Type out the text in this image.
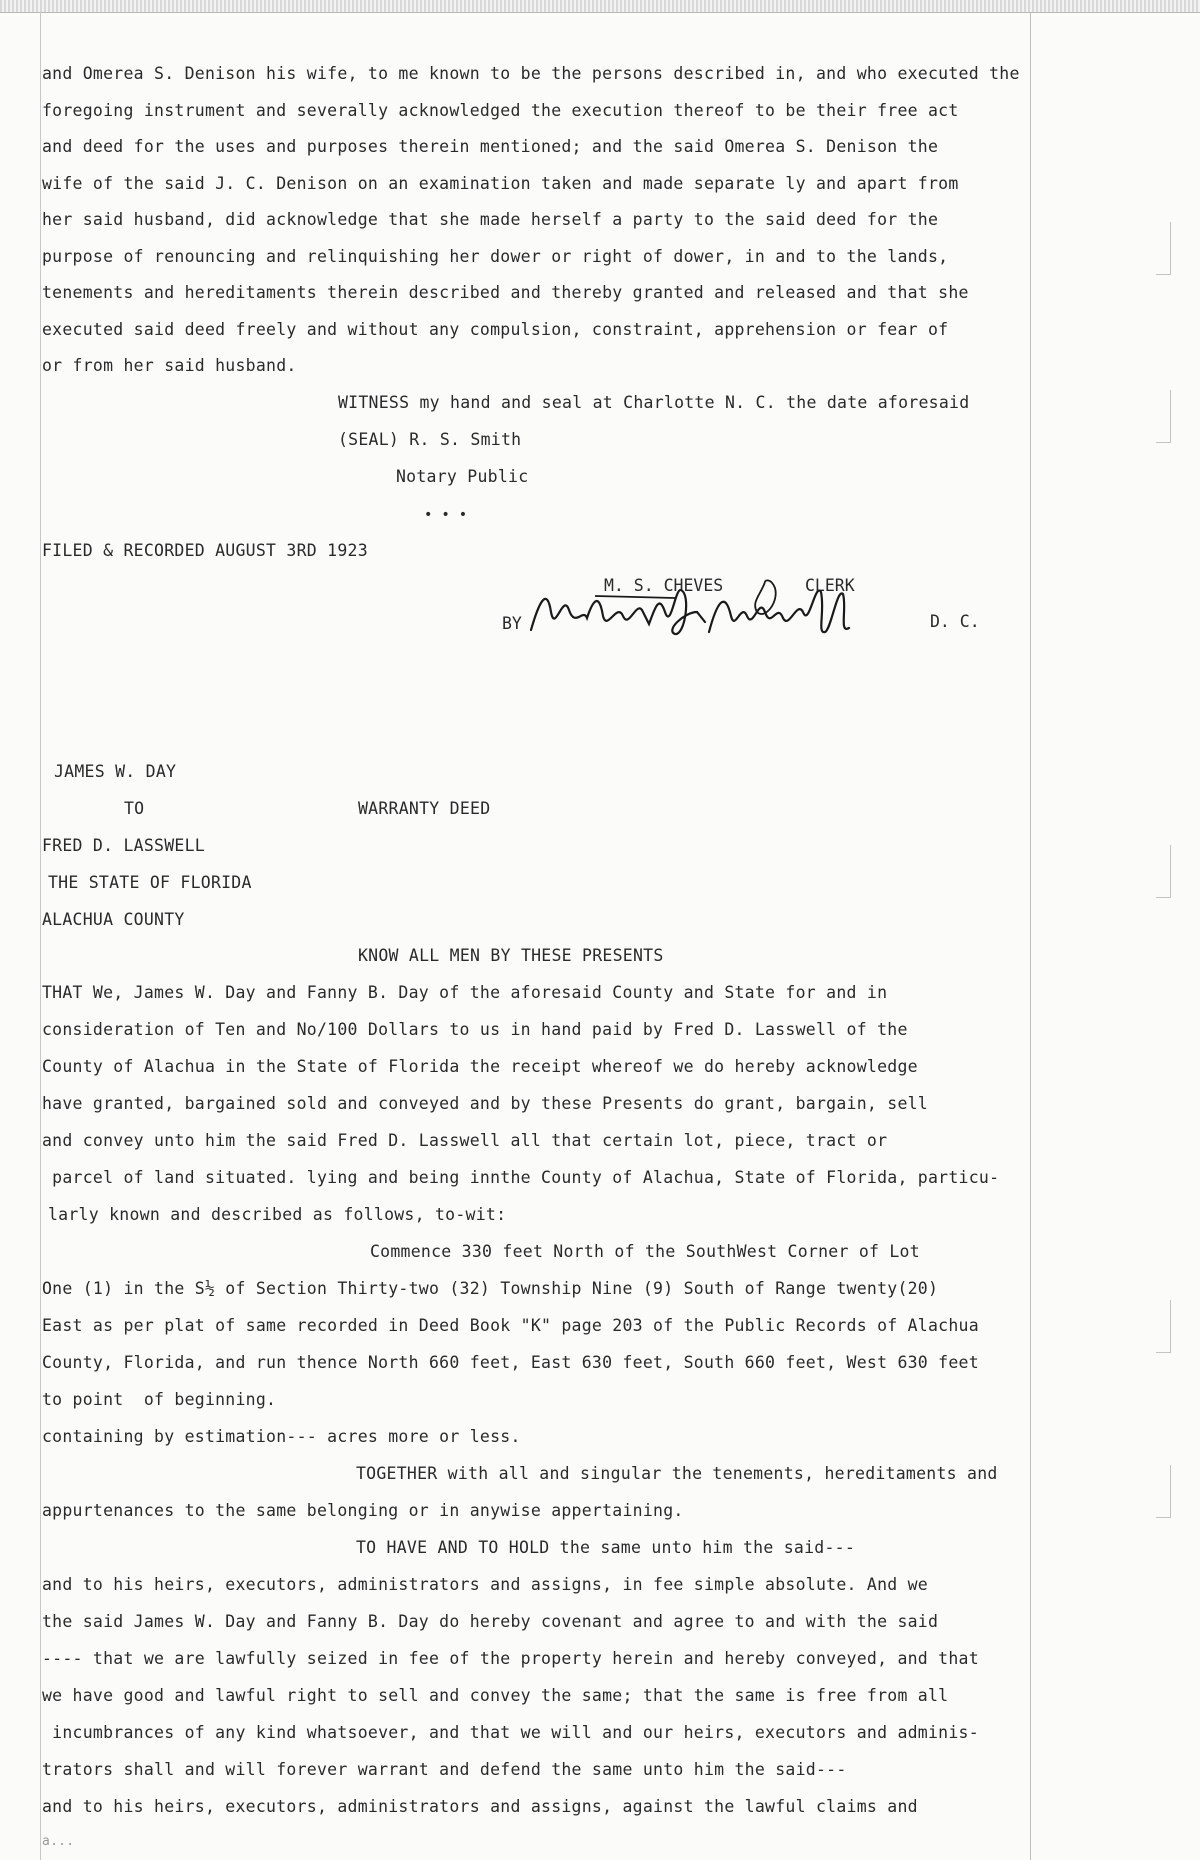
and Omerea S. Denison his wife, to me known to be the persons described in, and who executed the
foregoing instrument and severally acknowledged the execution thereof to be their free act
and deed for the uses and purposes therein mentioned; and the said Omerea S. Denison the
wife of the said J. C. Denison on an examination taken and made separate ly and apart from
her said husband, did acknowledge that she made herself a party to the said deed for the
purpose of renouncing and relinquishing her dower or right of dower, in and to the lands,
tenements and hereditaments therein described and thereby granted and released and that she
executed said deed freely and without any compulsion, constraint, apprehension or fear of
or from her said husband.
WITNESS my hand and seal at Charlotte N. C. the date aforesaid
(SEAL) R. S. Smith
Notary Public
• • •
FILED & RECORDED AUGUST 3RD 1923
M. S. CHEVES	CLERK
BY	D. C.
JAMES W. DAY
TO	WARRANTY DEED
FRED D. LASSWELL
THE STATE OF FLORIDA
ALACHUA COUNTY
KNOW ALL MEN BY THESE PRESENTS
THAT We, James W. Day and Fanny B. Day of the aforesaid County and State for and in
consideration of Ten and No/100 Dollars to us in hand paid by Fred D. Lasswell of the
County of Alachua in the State of Florida the receipt whereof we do hereby acknowledge
have granted, bargained sold and conveyed and by these Presents do grant, bargain, sell
and convey unto him the said Fred D. Lasswell all that certain lot, piece, tract or
parcel of land situated. lying and being innthe County of Alachua, State of Florida, particu-
larly known and described as follows, to-wit:
Commence 330 feet North of the SouthWest Corner of Lot
One (1) in the S½ of Section Thirty-two (32) Township Nine (9) South of Range twenty(20)
East as per plat of same recorded in Deed Book "K" page 203 of the Public Records of Alachua
County, Florida, and run thence North 660 feet, East 630 feet, South 660 feet, West 630 feet
to point  of beginning.
containing by estimation--- acres more or less.
TOGETHER with all and singular the tenements, hereditaments and
appurtenances to the same belonging or in anywise appertaining.
TO HAVE AND TO HOLD the same unto him the said---
and to his heirs, executors, administrators and assigns, in fee simple absolute. And we
the said James W. Day and Fanny B. Day do hereby covenant and agree to and with the said
---- that we are lawfully seized in fee of the property herein and hereby conveyed, and that
we have good and lawful right to sell and convey the same; that the same is free from all
incumbrances of any kind whatsoever, and that we will and our heirs, executors and adminis-
trators shall and will forever warrant and defend the same unto him the said---
and to his heirs, executors, administrators and assigns, against the lawful claims and
a...
